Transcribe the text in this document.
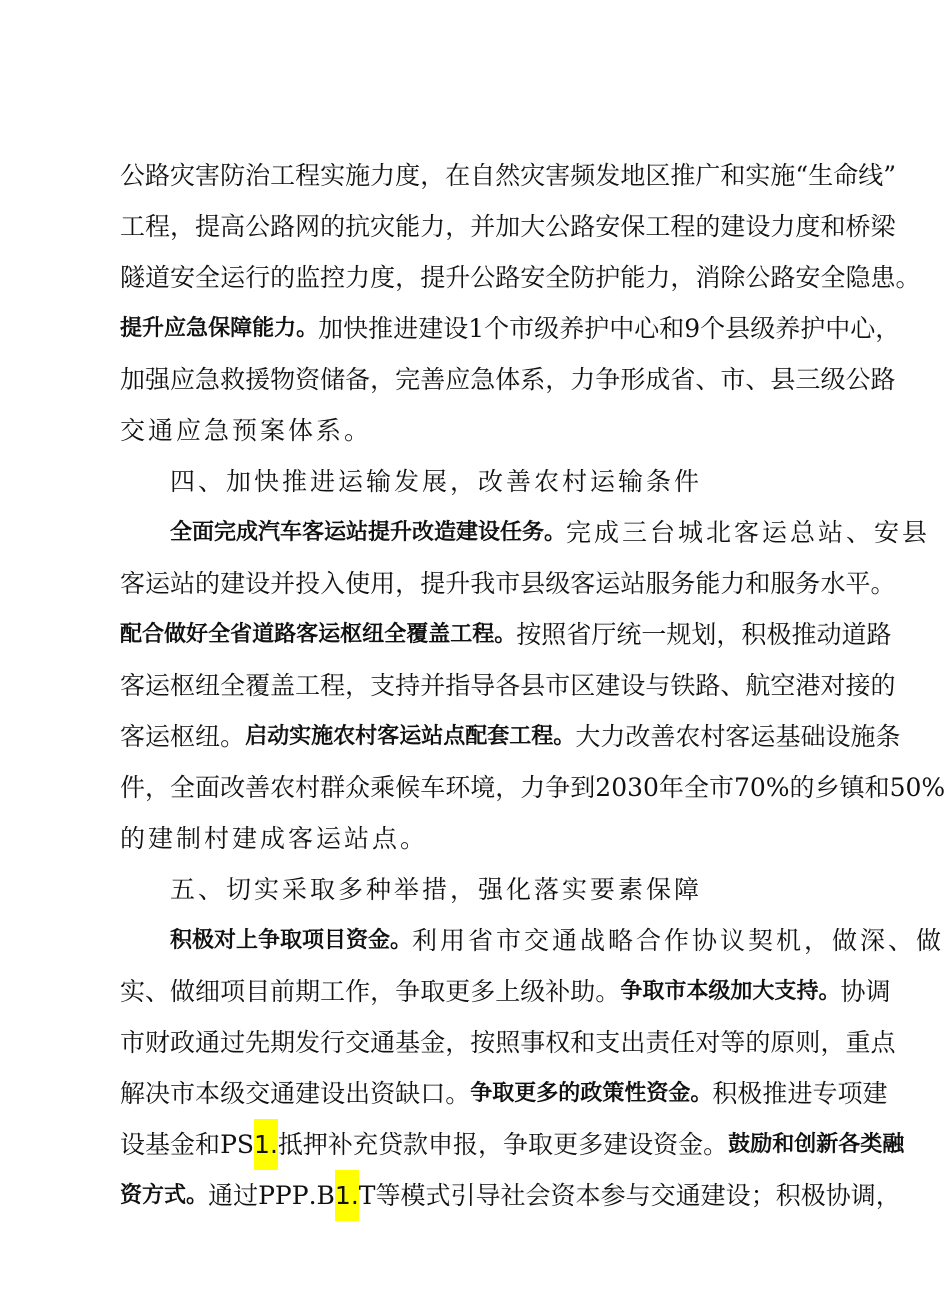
公 路 灾 害 防 治 工 程 实 施 力 度 ， 在 自 然 灾 害 频 发 地 区 推 广 和 实 施 “ 生 命 线 ”
工 程 ， 提 高 公 路 网 的 抗 灾 能 力 ， 并 加 大 公 路 安 保 工 程 的 建 设 力 度 和 桥 梁
隧 道 安 全 运 行 的 监 控 力 度 ， 提 升 公 路 安 全 防 护 能 力 ， 消 除 公 路 安 全 隐 患 。
提 升 应 急 保 障 能 力 。 加 快 推 进 建 设 1 个 市 级 养 护 中 心 和 9 个 县 级 养 护 中 心 ，
加 强 应 急 救 援 物 资 储 备 ， 完 善 应 急 体 系 ， 力 争 形 成 省 、 市 、 县 三 级 公 路
交通应急预案体系。
四、加快推进运输发展，改善农村运输条件
全面完成汽车客运站提升改造建设任务。 完成三台城北客运总站、安县
客 运 站 的 建 设 并 投 入 使 用 ， 提 升 我 市 县 级 客 运 站 服 务 能 力 和 服 务 水 平 。
配 合 做 好 全 省 道 路 客 运 枢 纽 全 覆 盖 工 程 。 按 照 省 厅 统 一 规 划 ， 积 极 推 动 道 路
客 运 枢 纽 全 覆 盖 工 程 ， 支 持 并 指 导 各 县 市 区 建 设 与 铁 路 、 航 空 港 对 接 的
客 运 枢 纽 。 启 动 实 施 农 村 客 运 站 点 配 套 工 程 。 大 力 改 善 农 村 客 运 基 础 设 施 条
件 ， 全 面 改 善 农 村 群 众 乘 候 车 环 境 ， 力 争 到 2 0 3 0 年 全 市 7 0 % 的 乡 镇 和 5 0 %
的建制村建成客运站点。
五、切实采取多种举措，强化落实要素保障
积极对上争取项目资金。 利用省市交通战略合作协议契机，做深、做
实 、 做 细 项 目 前 期 工 作 ， 争 取 更 多 上 级 补 助 。 争 取 市 本 级 加 大 支 持 。 协 调
市 财 政 通 过 先 期 发 行 交 通 基 金 ， 按 照 事 权 和 支 出 责 任 对 等 的 原 则 ， 重 点
解 决 市 本 级 交 通 建 设 出 资 缺 口 。 争 取 更 多 的 政 策 性 资 金 。 积 极 推 进 专 项 建
设 基 金 和 P S 1 . 抵 押 补 充 贷 款 申 报 ， 争 取 更 多 建 设 资 金 。 鼓 励 和 创 新 各 类 融
资 方 式 。 通 过 P P P . B 1 . T 等 模 式 引 导 社 会 资 本 参 与 交 通 建 设 ； 积 极 协 调 ，
